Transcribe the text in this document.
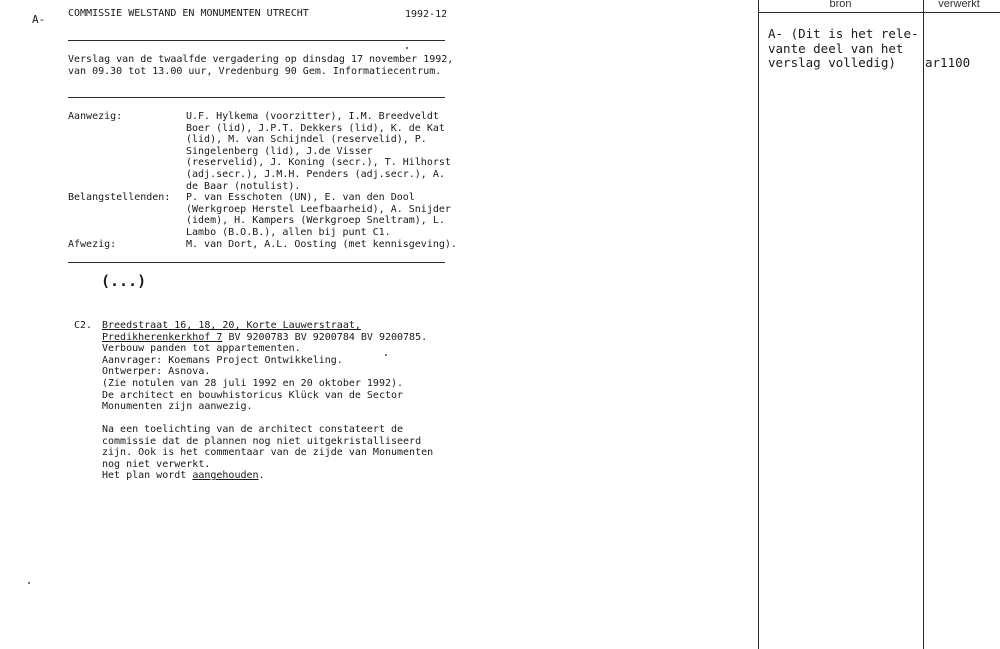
A- COMMISSIE WELSTAND EN MONUMENTEN UTRECHT	1992-12
Verslag van de twaalfde vergadering op dinsdag 17 november 1992,
van 09.30 tot 13.00 uur, Vredenburg 90 Gem. Informatiecentrum.
Aanwezig:	U.F. Hylkema (voorzitter), I.M. Breedveldt
Boer (lid), J.P.T. Dekkers (lid), K. de Kat
(lid), M. van Schijndel (reservelid), P.
Singelenberg (lid), J.de Visser
(reservelid), J. Koning (secr.), T. Hilhorst
(adj.secr.), J.M.H. Penders (adj.secr.), A.
de Baar (notulist).
Belangstellenden: P. van Esschoten (UN), E. van den Dool
(Werkgroep Herstel Leefbaarheid), A. Snijder
(idem), H. Kampers (Werkgroep Sneltram), L.
Lambo (B.O.B.), allen bij punt C1.
Afwezig:	M. van Dort, A.L. Oosting (met kennisgeving).
(...)
C2. Breedstraat 16, 18, 20, Korte Lauwerstraat,
Predikherenkerkhof 7 BV 9200783 BV 9200784 BV 9200785.
Verbouw panden tot appartementen.
Aanvrager: Koemans Project Ontwikkeling.
Ontwerper: Asnova.
(Zie notulen van 28 juli 1992 en 20 oktober 1992).
De architect en bouwhistoricus Klück van de Sector
Monumenten zijn aanwezig.
Na een toelichting van de architect constateert de
commissie dat de plannen nog niet uitgekristalliseerd
zijn. Ook is het commentaar van de zijde van Monumenten
nog niet verwerkt.
Het plan wordt aangehouden.
bron	verwerkt
A- (Dit is het rele-
vante deel van het
verslag volledig)	ar1100
